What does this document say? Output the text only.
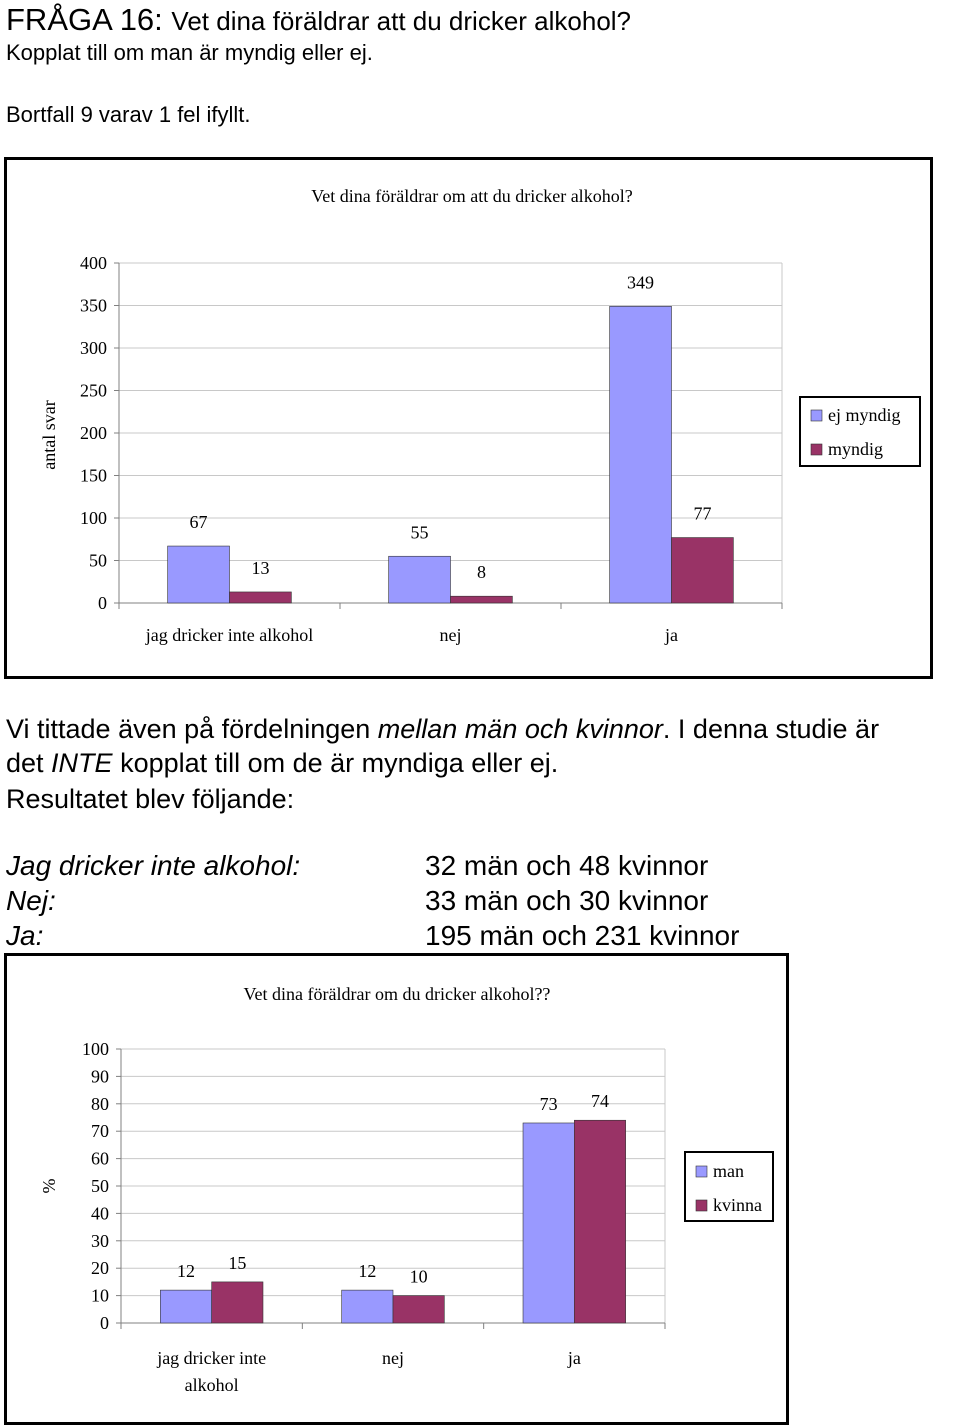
FRÅGA 16: Vet dina föräldrar att du dricker alkohol?
Kopplat till om man är myndig eller ej.
Bortfall 9 varav 1 fel ifyllt.
Vet dina föräldrar om att du dricker alkohol?
0
50
100
150
200
250
300
350
400
antal svar
67
13
jag dricker inte alkohol
55
8
nej
349
77
ja
ej myndig
myndig
Vi tittade även på fördelningen mellan män och kvinnor. I denna studie är
det INTE kopplat till om de är myndiga eller ej.
Resultatet blev följande:
Jag dricker inte alkohol:	32 män och 48 kvinnor
Nej:	33 män och 30 kvinnor
Ja:	195 män och 231 kvinnor
Vet dina föräldrar om du dricker alkohol??
0
10
20
30
40
50
60
70
80
90
100
%
12 15
jag dricker inte
alkohol
12 10
nej
73 74
ja
man
kvinna
